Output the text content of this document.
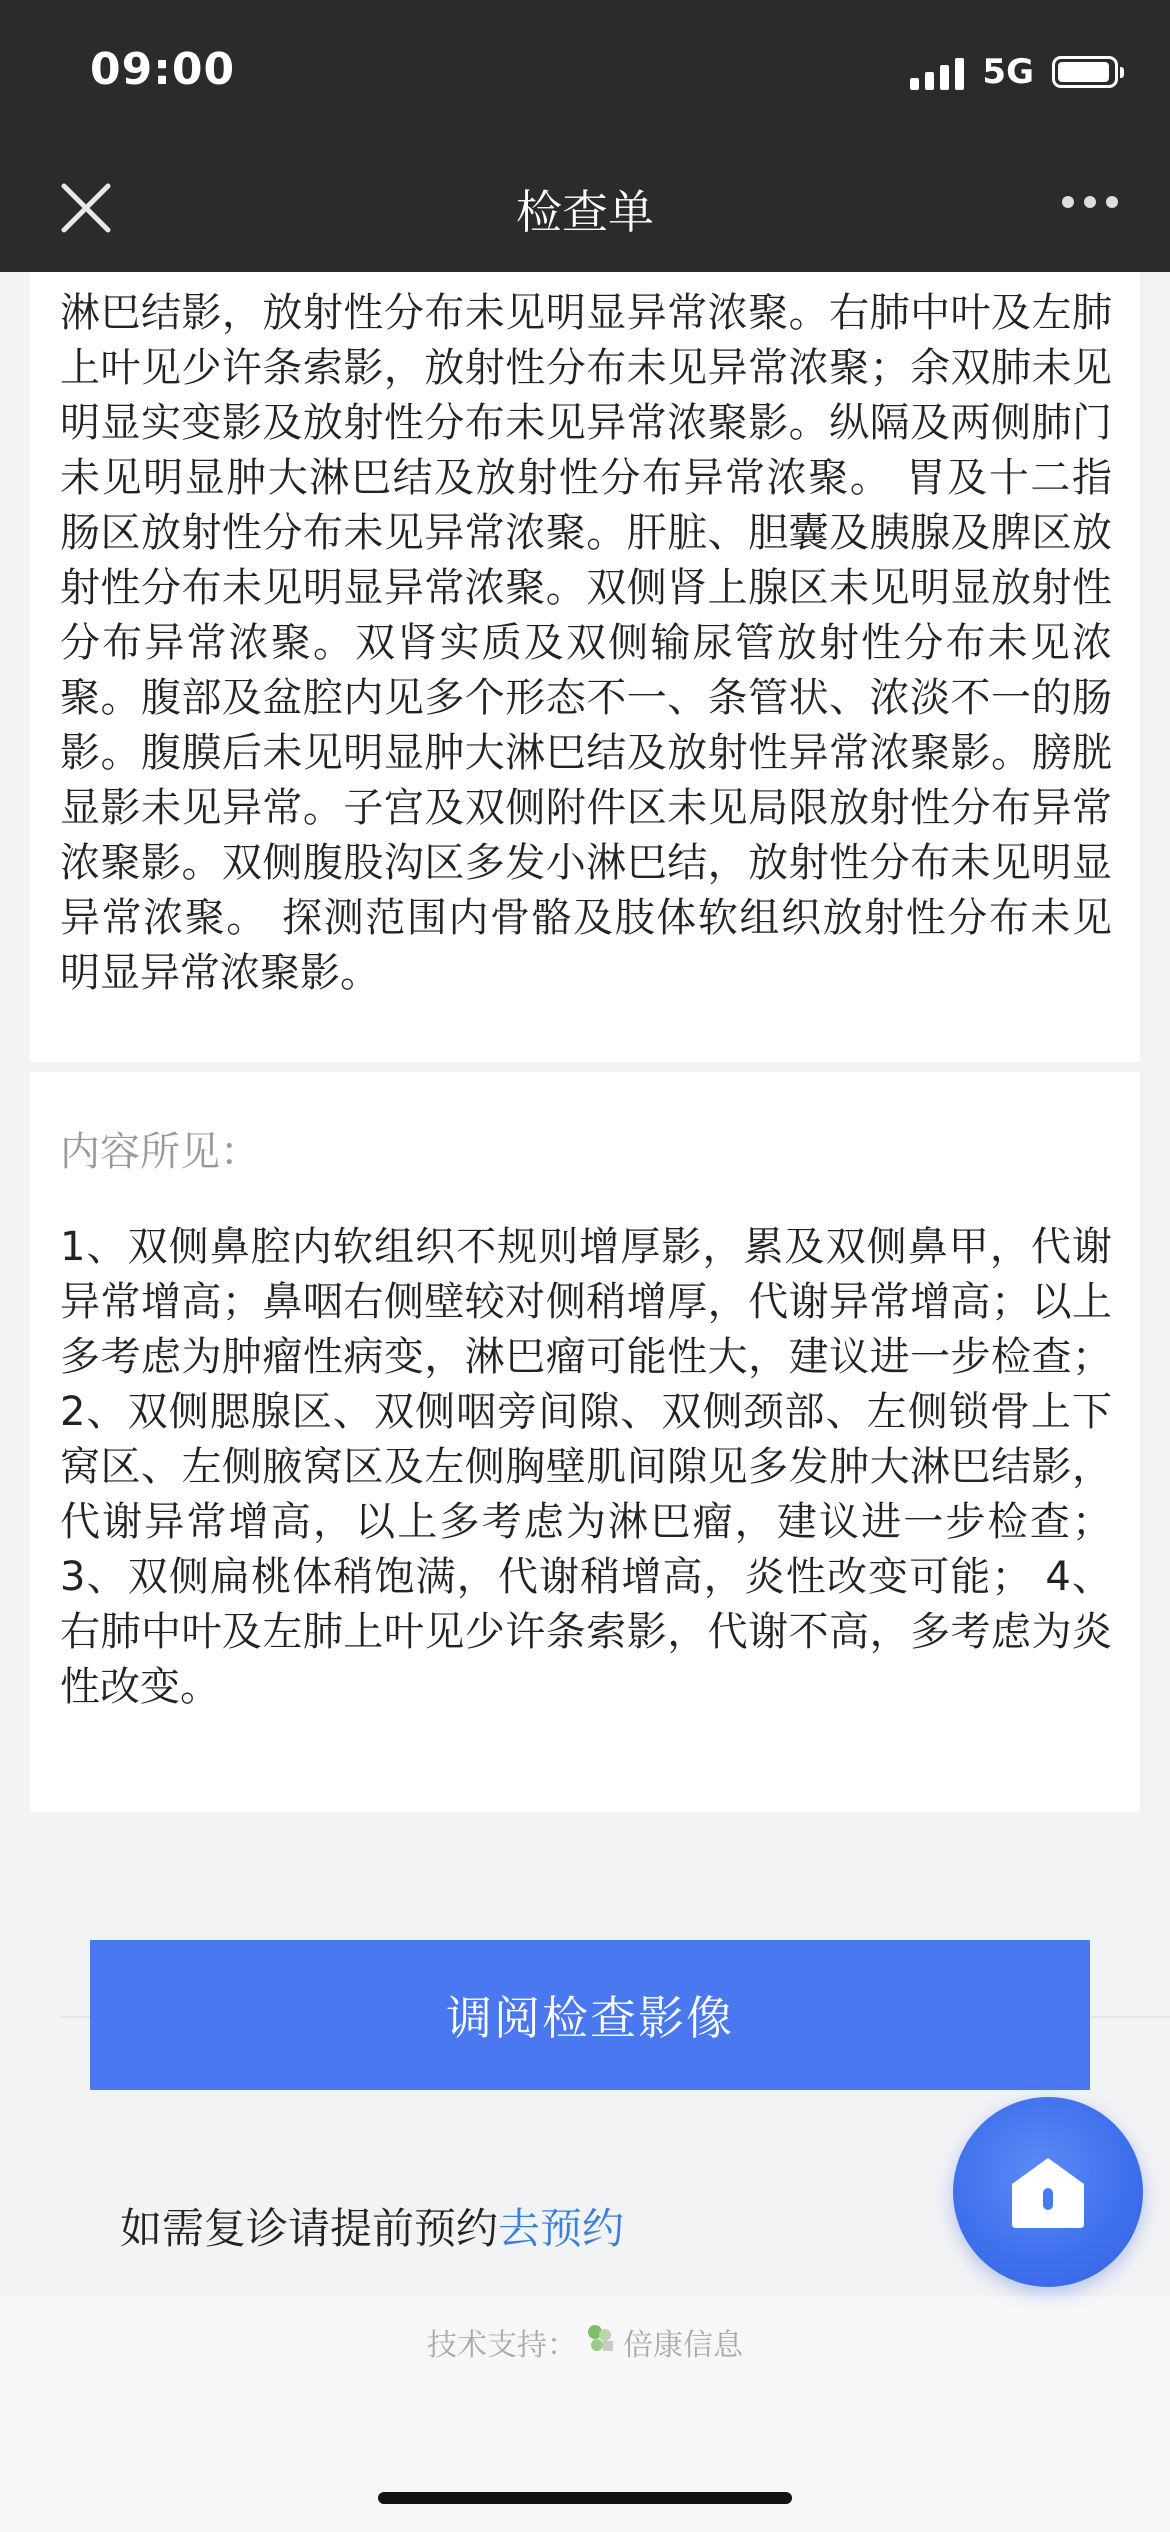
09:00	5G
检查单

淋巴结影，放射性分布未见明显异常浓聚。右肺中叶及左肺上叶见少许条索影，放射性分布未见异常浓聚；余双肺未见明显实变影及放射性分布未见异常浓聚影。纵隔及两侧肺门未见明显肿大淋巴结及放射性分布异常浓聚。 胃及十二指肠区放射性分布未见异常浓聚。肝脏、胆囊及胰腺及脾区放射性分布未见明显异常浓聚。双侧肾上腺区未见明显放射性分布异常浓聚。双肾实质及双侧输尿管放射性分布未见浓聚。腹部及盆腔内见多个形态不一、条管状、浓淡不一的肠影。腹膜后未见明显肿大淋巴结及放射性异常浓聚影。膀胱显影未见异常。子宫及双侧附件区未见局限放射性分布异常浓聚影。双侧腹股沟区多发小淋巴结，放射性分布未见明显异常浓聚。 探测范围内骨骼及肢体软组织放射性分布未见明显异常浓聚影。

内容所见：

1、双侧鼻腔内软组织不规则增厚影，累及双侧鼻甲，代谢异常增高；鼻咽右侧壁较对侧稍增厚，代谢异常增高；以上多考虑为肿瘤性病变，淋巴瘤可能性大，建议进一步检查； 2、双侧腮腺区、双侧咽旁间隙、双侧颈部、左侧锁骨上下窝区、左侧腋窝区及左侧胸壁肌间隙见多发肿大淋巴结影，代谢异常增高，以上多考虑为淋巴瘤，建议进一步检查； 3、双侧扁桃体稍饱满，代谢稍增高，炎性改变可能； 4、右肺中叶及左肺上叶见少许条索影，代谢不高，多考虑为炎性改变。

调阅检查影像
如需复诊请提前预约去预约
技术支持： 倍康信息
